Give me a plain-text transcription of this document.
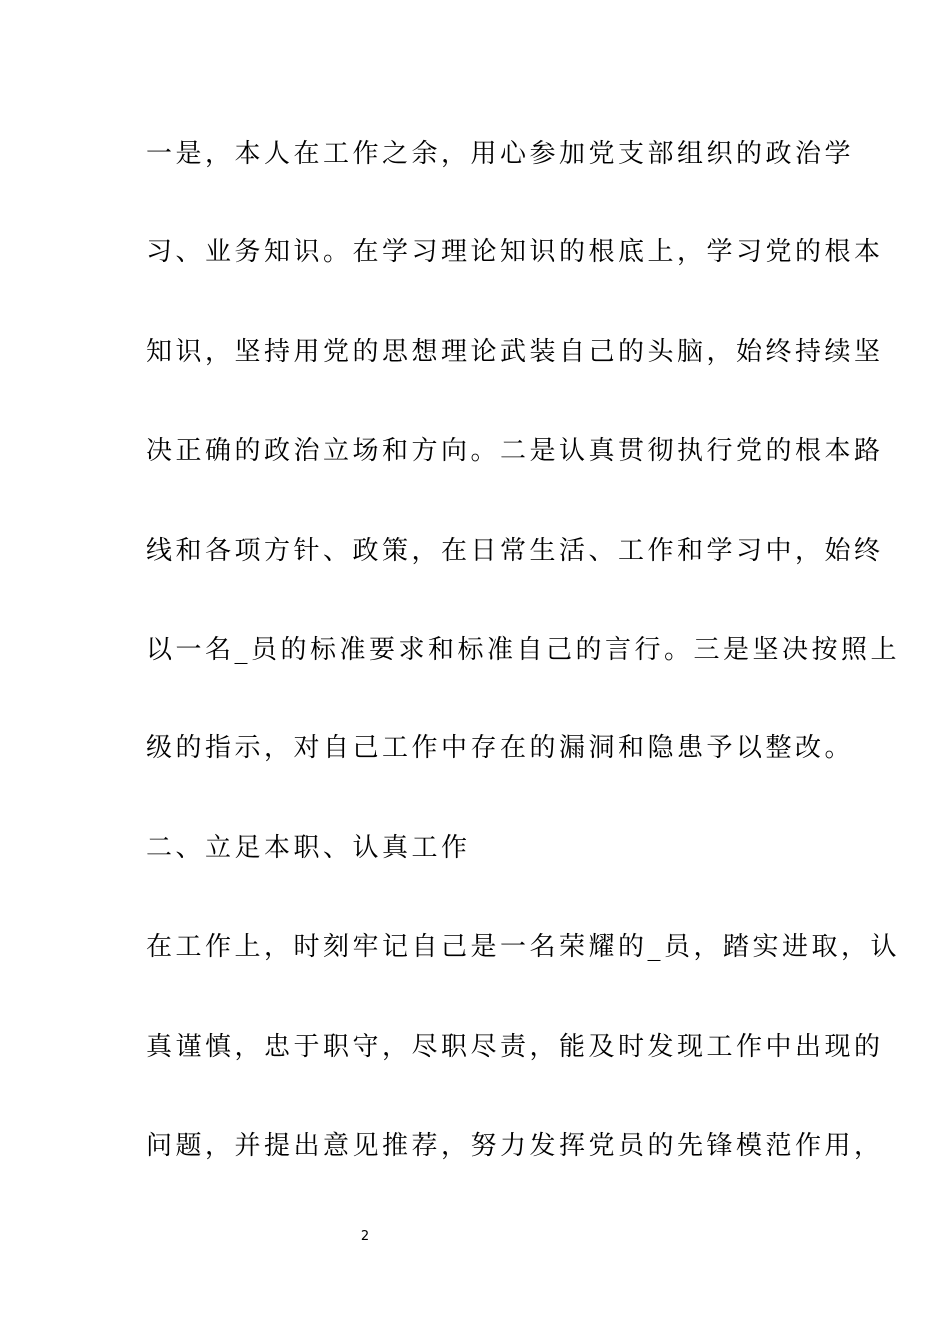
一是，本人在工作之余，用心参加党支部组织的政治学
习、业务知识。在学习理论知识的根底上，学习党的根本
知识，坚持用党的思想理论武装自己的头脑，始终持续坚
决正确的政治立场和方向。二是认真贯彻执行党的根本路
线和各项方针、政策，在日常生活、工作和学习中，始终
以一名_员的标准要求和标准自己的言行。三是坚决按照上
级的指示，对自己工作中存在的漏洞和隐患予以整改。
二、立足本职、认真工作
在工作上，时刻牢记自己是一名荣耀的_员，踏实进取，认
真谨慎，忠于职守，尽职尽责，能及时发现工作中出现的
问题，并提出意见推荐，努力发挥党员的先锋模范作用，
2
